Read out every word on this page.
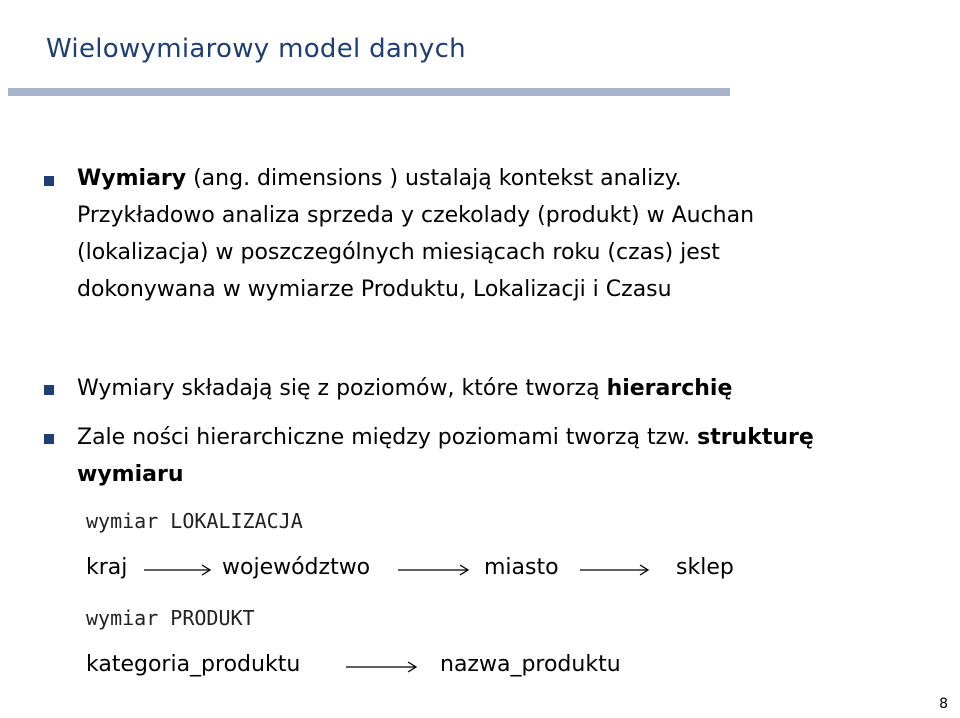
Wielowymiarowy model danych
Wymiary (ang. dimensions ) ustalają kontekst analizy.
Przykładowo analiza sprzeda y czekolady (produkt) w Auchan
(lokalizacja) w poszczególnych miesiącach roku (czas) jest
dokonywana w wymiarze Produktu, Lokalizacji i Czasu
Wymiary składają się z poziomów, które tworzą hierarchię
Zale ności hierarchiczne między poziomami tworzą tzw. strukturę
wymiaru
wymiar LOKALIZACJA
kraj	województwo	miasto	sklep
wymiar PRODUKT
kategoria_produktu	nazwa_produktu
8
